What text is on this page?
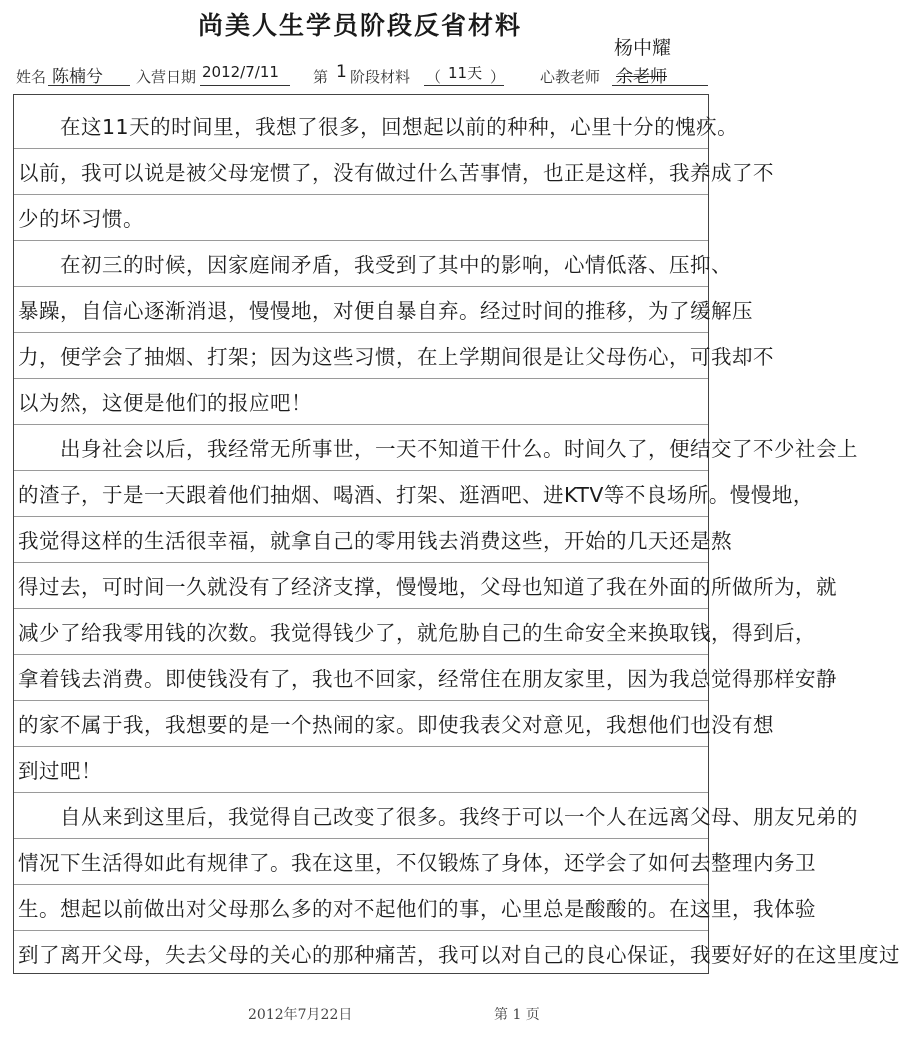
尚美人生学员阶段反省材料
姓名 陈楠兮 入营日期 2012/7/11 第 1 阶段材料 （ 11天 ） 心教老师 余老师
杨中耀
　　在这11天的时间里，我想了很多，回想起以前的种种，心里十分的愧疚。
以前，我可以说是被父母宠惯了，没有做过什么苦事情，也正是这样，我养成了不
少的坏习惯。
　　在初三的时候，因家庭闹矛盾，我受到了其中的影响，心情低落、压抑、
暴躁，自信心逐渐消退，慢慢地，对便自暴自弃。经过时间的推移，为了缓解压
力，便学会了抽烟、打架；因为这些习惯，在上学期间很是让父母伤心，可我却不
以为然，这便是他们的报应吧！
　　出身社会以后，我经常无所事世，一天不知道干什么。时间久了，便结交了不少社会上
的渣子，于是一天跟着他们抽烟、喝酒、打架、逛酒吧、进KTV等不良场所。慢慢地，
我觉得这样的生活很幸福，就拿自己的零用钱去消费这些，开始的几天还是熬
得过去，可时间一久就没有了经济支撑，慢慢地，父母也知道了我在外面的所做所为，就
减少了给我零用钱的次数。我觉得钱少了，就危胁自己的生命安全来换取钱，得到后，
拿着钱去消费。即使钱没有了，我也不回家，经常住在朋友家里，因为我总觉得那样安静
的家不属于我，我想要的是一个热闹的家。即使我表父对意见，我想他们也没有想
到过吧！
　　自从来到这里后，我觉得自己改变了很多。我终于可以一个人在远离父母、朋友兄弟的
情况下生活得如此有规律了。我在这里，不仅锻炼了身体，还学会了如何去整理内务卫
生。想起以前做出对父母那么多的对不起他们的事，心里总是酸酸的。在这里，我体验
到了离开父母，失去父母的关心的那种痛苦，我可以对自己的良心保证，我要好好的在这里度过
2012年7月22日	第 1 页
